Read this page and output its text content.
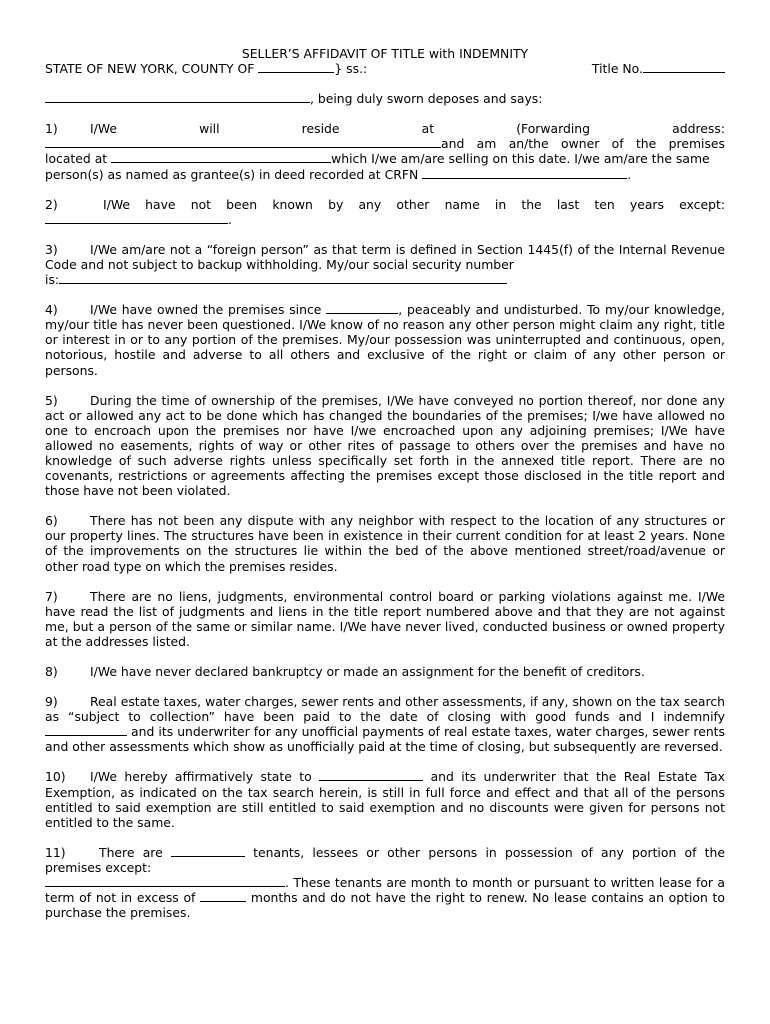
SELLER’S AFFIDAVIT OF TITLE with INDEMNITY
STATE OF NEW YORK, COUNTY OF	} ss.:	Title No.
, being duly sworn deposes and says:
1)	I/We will reside at (Forwarding address:
and am an/the owner of the premises
located at	which I/we am/are selling on this date. I/we am/are the same
person(s) as named as grantee(s) in deed recorded at CRFN	.
2)	I/We have not been known by any other name in the last ten years except:
.
3)	I/We am/are not a “foreign person” as that term is defined in Section 1445(f) of the Internal Revenue Code and not subject to backup withholding. My/our social security number
is:
4)	I/We have owned the premises since	, peaceably and undisturbed. To my/our knowledge, my/our title has never been questioned. I/We know of no reason any other person might claim any right, title or interest in or to any portion of the premises. My/our possession was uninterrupted and continuous, open, notorious, hostile and adverse to all others and exclusive of the right or claim of any other person or persons.
5)	During the time of ownership of the premises, I/We have conveyed no portion thereof, nor done any act or allowed any act to be done which has changed the boundaries of the premises; I/we have allowed no one to encroach upon the premises nor have I/we encroached upon any adjoining premises; I/We have allowed no easements, rights of way or other rites of passage to others over the premises and have no knowledge of such adverse rights unless specifically set forth in the annexed title report. There are no covenants, restrictions or agreements affecting the premises except those disclosed in the title report and those have not been violated.
6)	There has not been any dispute with any neighbor with respect to the location of any structures or our property lines. The structures have been in existence in their current condition for at least 2 years. None of the improvements on the structures lie within the bed of the above mentioned street/road/avenue or other road type on which the premises resides.
7)	There are no liens, judgments, environmental control board or parking violations against me. I/We have read the list of judgments and liens in the title report numbered above and that they are not against me, but a person of the same or similar name. I/We have never lived, conducted business or owned property at the addresses listed.
8)	I/We have never declared bankruptcy or made an assignment for the benefit of creditors.
9)	Real estate taxes, water charges, sewer rents and other assessments, if any, shown on the tax search as “subject to collection” have been paid to the date of closing with good funds and I indemnify  and its underwriter for any unofficial payments of real estate taxes, water charges, sewer rents and other assessments which show as unofficially paid at the time of closing, but subsequently are reversed.
10) I/We hereby affirmatively state to	and its underwriter that the Real Estate Tax Exemption, as indicated on the tax search herein, is still in full force and effect and that all of the persons entitled to said exemption are still entitled to said exemption and no discounts were given for persons not entitled to the same.
11)	There are	tenants, lessees or other persons in possession of any portion of the premises except:
. These tenants are month to month or pursuant to written lease for a term of not in excess of	months and do not have the right to renew. No lease contains an option to purchase the premises.
